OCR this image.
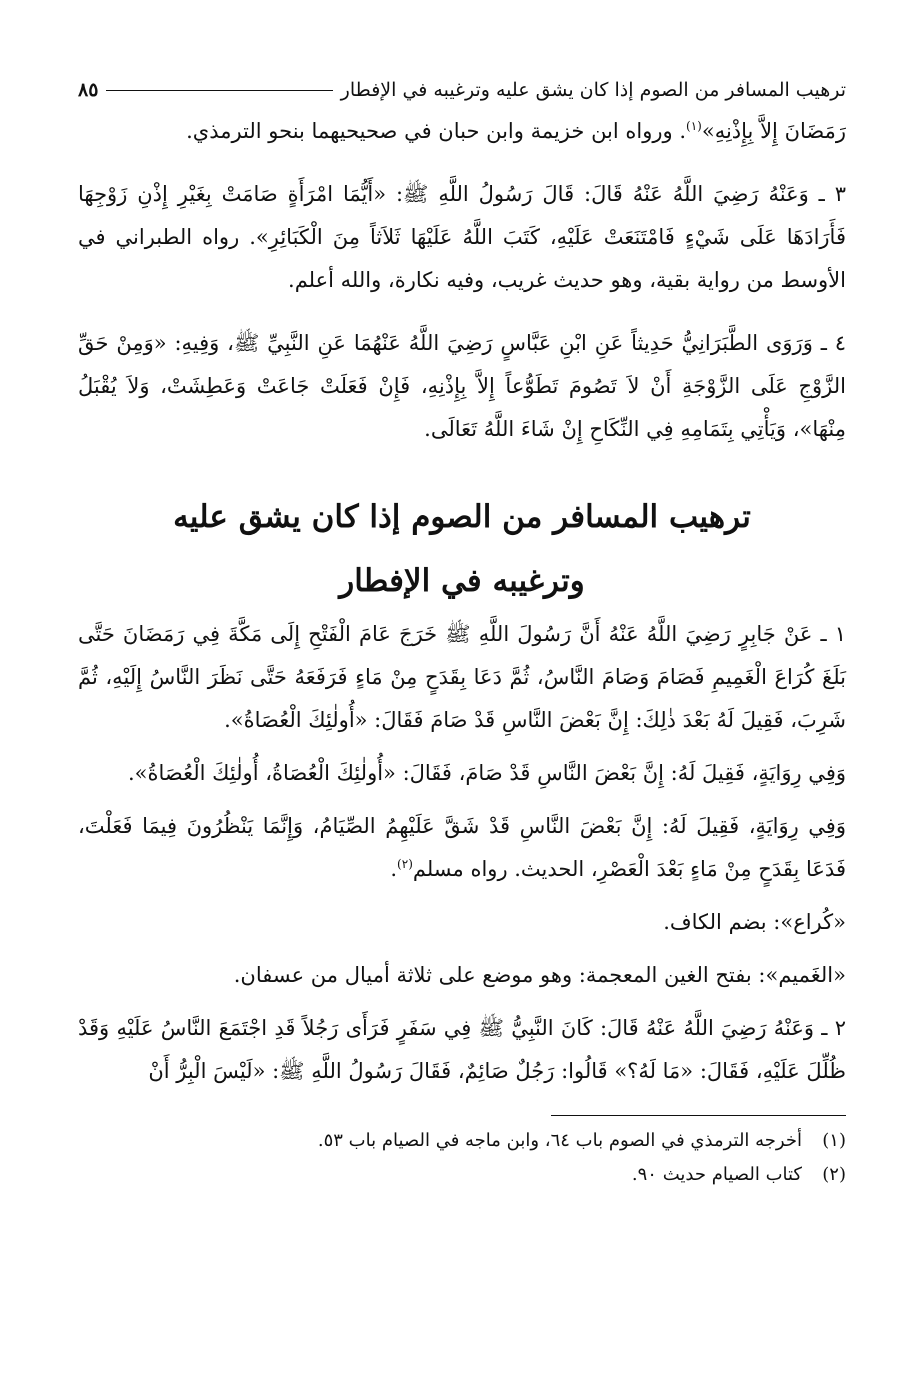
ترهيب المسافر من الصوم إذا كان يشق عليه وترغيبه في الإفطار
٨٥

رَمَضَانَ إِلاَّ بِإِذْنِهِ»$^{(١)}$. ورواه ابن خزيمة وابن حبان في صحيحيهما بنحو الترمذي.

٣ ـ وَعَنْهُ رَضِيَ اللَّهُ عَنْهُ قَالَ: قَالَ رَسُولُ اللَّهِ ﷺ: «أَيُّمَا امْرَأَةٍ صَامَتْ بِغَيْرِ إِذْنِ زَوْجِهَا فَأَرَادَهَا عَلَى شَيْءٍ فَامْتَنَعَتْ عَلَيْهِ، كَتَبَ اللَّهُ عَلَيْهَا ثَلاَثاً مِنَ الْكَبَائِرِ». رواه الطبراني في الأوسط من رواية بقية، وهو حديث غريب، وفيه نكارة، والله أعلم.

٤ ـ وَرَوَى الطَّبَرَانِيُّ حَدِيثاً عَنِ ابْنِ عَبَّاسٍ رَضِيَ اللَّهُ عَنْهُمَا عَنِ النَّبِيِّ ﷺ، وَفِيهِ: «وَمِنْ حَقِّ الزَّوْجِ عَلَى الزَّوْجَةِ أَنْ لاَ تَصُومَ تَطَوُّعاً إِلاَّ بِإِذْنِهِ، فَإِنْ فَعَلَتْ جَاعَتْ وَعَطِشَتْ، وَلاَ يُقْبَلُ مِنْهَا»، وَيَأْتِي بِتَمَامِهِ فِي النِّكَاحِ إِنْ شَاءَ اللَّهُ تَعَالَى.

ترهيب المسافر من الصوم إذا كان يشق عليه
وترغيبه في الإفطار

١ ـ عَنْ جَابِرٍ رَضِيَ اللَّهُ عَنْهُ أَنَّ رَسُولَ اللَّهِ ﷺ خَرَجَ عَامَ الْفَتْحِ إِلَى مَكَّةَ فِي رَمَضَانَ حَتَّى بَلَغَ كُرَاعَ الْغَمِيمِ فَصَامَ وَصَامَ النَّاسُ، ثُمَّ دَعَا بِقَدَحٍ مِنْ مَاءٍ فَرَفَعَهُ حَتَّى نَظَرَ النَّاسُ إِلَيْهِ، ثُمَّ شَرِبَ، فَقِيلَ لَهُ بَعْدَ ذٰلِكَ: إِنَّ بَعْضَ النَّاسِ قَدْ صَامَ فَقَالَ: «أُولٰئِكَ الْعُصَاةُ».

وَفِي رِوَايَةٍ، فَقِيلَ لَهُ: إِنَّ بَعْضَ النَّاسِ قَدْ صَامَ، فَقَالَ: «أُولٰئِكَ الْعُصَاةُ، أُولٰئِكَ الْعُصَاةُ».

وَفِي رِوَايَةٍ، فَقِيلَ لَهُ: إِنَّ بَعْضَ النَّاسِ قَدْ شَقَّ عَلَيْهِمُ الصِّيَامُ، وَإِنَّمَا يَنْظُرُونَ فِيمَا فَعَلْتَ، فَدَعَا بِقَدَحٍ مِنْ مَاءٍ بَعْدَ الْعَصْرِ، الحديث. رواه مسلم$^{(٢)}$.

«كُراع»: بضم الكاف.

«الغَميم»: بفتح الغين المعجمة: وهو موضع على ثلاثة أميال من عسفان.

٢ ـ وَعَنْهُ رَضِيَ اللَّهُ عَنْهُ قَالَ: كَانَ النَّبِيُّ ﷺ فِي سَفَرٍ فَرَأَى رَجُلاً قَدِ اجْتَمَعَ النَّاسُ عَلَيْهِ وَقَدْ ظُلِّلَ عَلَيْهِ، فَقَالَ: «مَا لَهُ؟» قَالُوا: رَجُلٌ صَائِمٌ، فَقَالَ رَسُولُ اللَّهِ ﷺ: «لَيْسَ الْبِرُّ أَنْ

(١)
أخرجه الترمذي في الصوم باب ٦٤، وابن ماجه في الصيام باب ٥٣.
(٢)
كتاب الصيام حديث ٩٠.
